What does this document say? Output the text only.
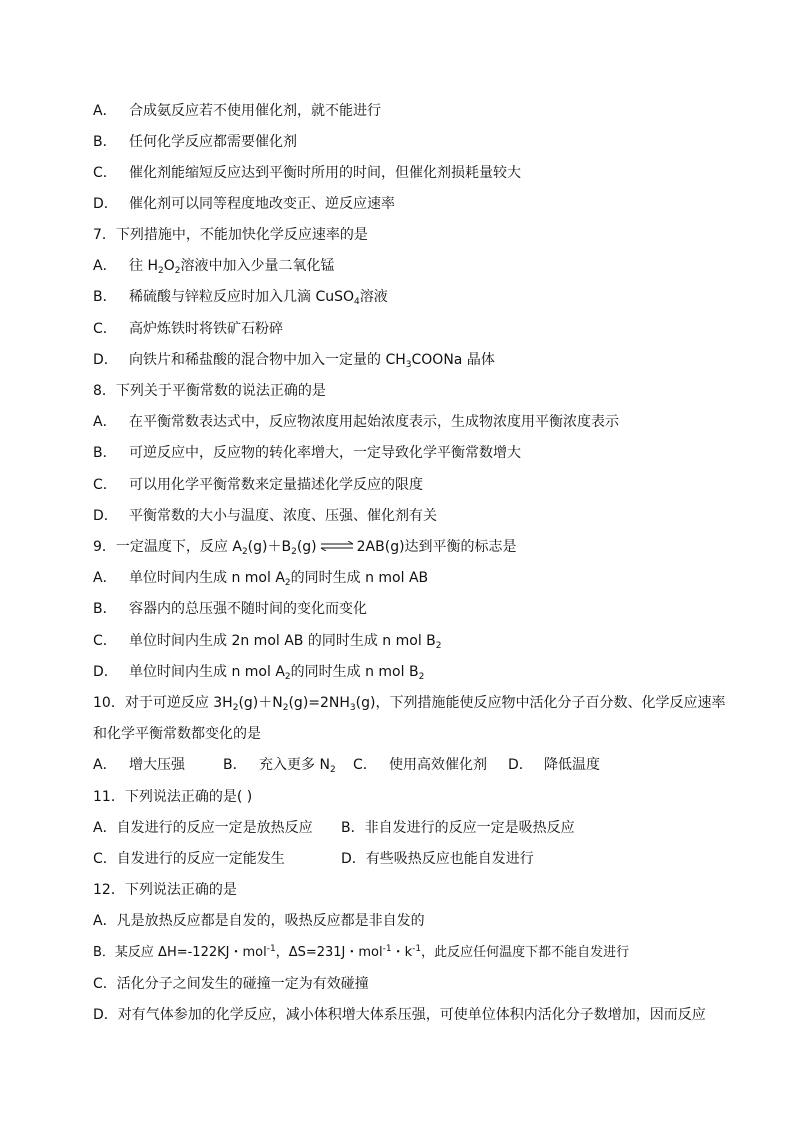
A． 合成氨反应若不使用催化剂，就不能进行
B． 任何化学反应都需要催化剂
C． 催化剂能缩短反应达到平衡时所用的时间，但催化剂损耗量较大
D． 催化剂可以同等程度地改变正、逆反应速率
7．下列措施中，不能加快化学反应速率的是
A． 往 $H_2O_2$溶液中加入少量二氧化锰
B． 稀硫酸与锌粒反应时加入几滴 CuSO$_4$溶液
C． 高炉炼铁时将铁矿石粉碎
D． 向铁片和稀盐酸的混合物中加入一定量的 $CH_3COONa$ 晶体
8．下列关于平衡常数的说法正确的是
A． 在平衡常数表达式中，反应物浓度用起始浓度表示，生成物浓度用平衡浓度表示
B． 可逆反应中，反应物的转化率增大，一定导致化学平衡常数增大
C． 可以用化学平衡常数来定量描述化学反应的限度
D． 平衡常数的大小与温度、浓度、压强、催化剂有关
9．一定温度下，反应 $A_2(g)+B_2(g)$ ⇌ 2AB(g)达到平衡的标志是
A． 单位时间内生成 n mol $A_2$的同时生成 n mol AB
B． 容器内的总压强不随时间的变化而变化
C． 单位时间内生成 2n mol AB 的同时生成 n mol $B_2$
D． 单位时间内生成 n mol $A_2$的同时生成 n mol $B_2$
10．对于可逆反应 $3H_2(g)+N_2(g)=2NH_3(g)$，下列措施能使反应物中活化分子百分数、化学反应速率
和化学平衡常数都变化的是
A． 增大压强	B． 充入更多 $N_2$ C． 使用高效催化剂 D． 降低温度
11．下列说法正确的是( )
A．自发进行的反应一定是放热反应 B．非自发进行的反应一定是吸热反应
C．自发进行的反应一定能发生	D．有些吸热反应也能自发进行
12．下列说法正确的是
A．凡是放热反应都是自发的，吸热反应都是非自发的
B．某反应 ΔH=-122KJ・mol$^{-1}$，ΔS=231J・mol$^{-1}$・$k^{-1}$，此反应任何温度下都不能自发进行
C．活化分子之间发生的碰撞一定为有效碰撞
D．对有气体参加的化学反应，减小体积增大体系压强，可使单位体积内活化分子数增加，因而反应
